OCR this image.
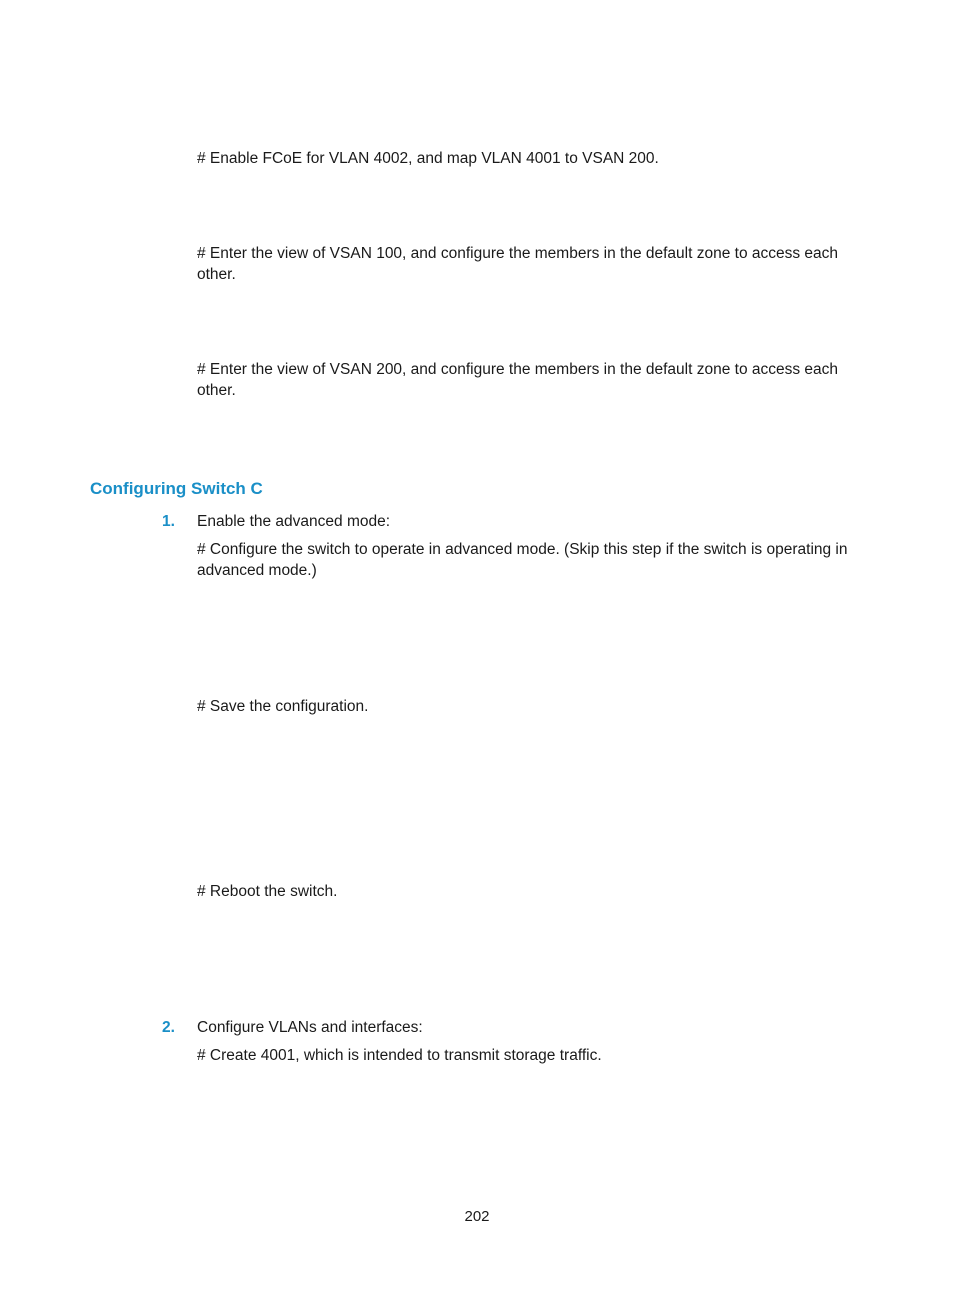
# Enable FCoE for VLAN 4002, and map VLAN 4001 to VSAN 200.

# Enter the view of VSAN 100, and configure the members in the default zone to access each other.

# Enter the view of VSAN 200, and configure the members in the default zone to access each other.

Configuring Switch C
1. Enable the advanced mode:

# Configure the switch to operate in advanced mode. (Skip this step if the switch is operating in advanced mode.)

# Save the configuration.

# Reboot the switch.

2. Configure VLANs and interfaces:

# Create 4001, which is intended to transmit storage traffic.

202
